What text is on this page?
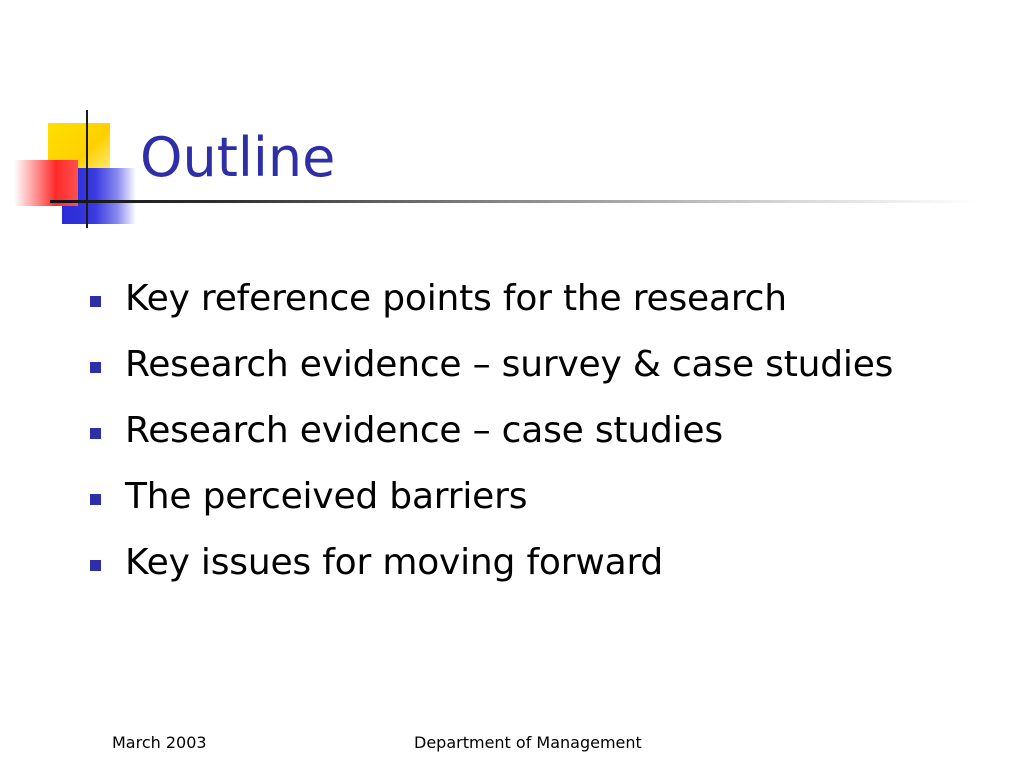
Outline
Key reference points for the research
Research evidence – survey & case studies
Research evidence – case studies
The perceived barriers
Key issues for moving forward
March 2003	Department of Management
